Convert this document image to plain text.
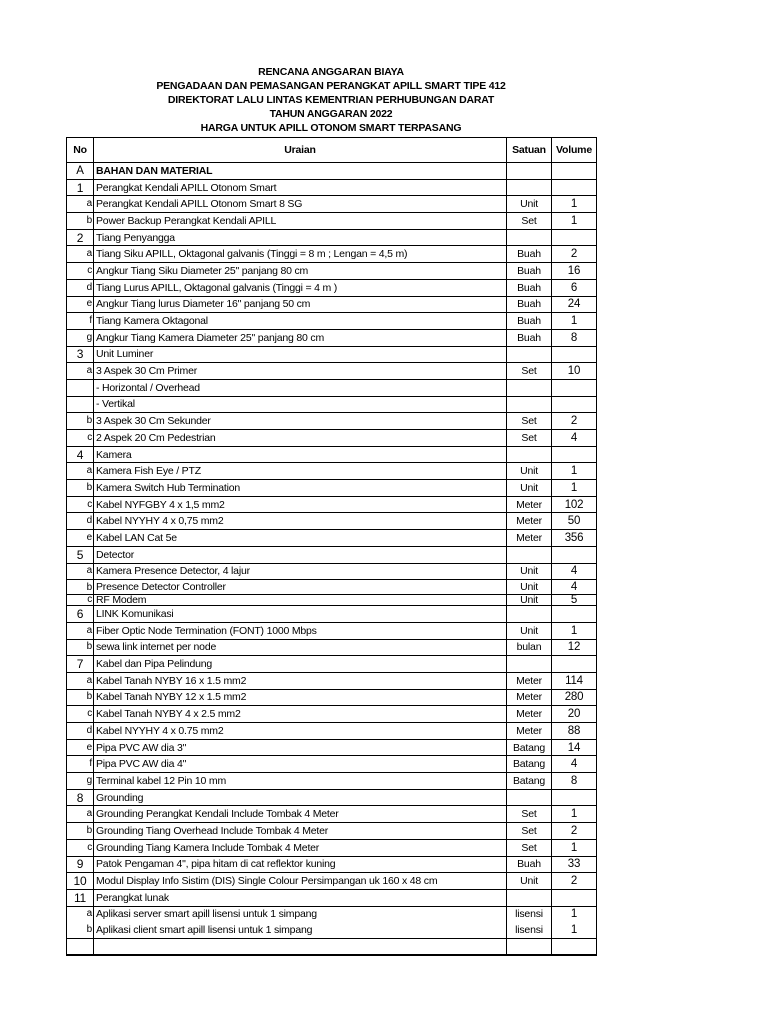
RENCANA ANGGARAN BIAYA
PENGADAAN DAN PEMASANGAN PERANGKAT APILL SMART TIPE 412
DIREKTORAT LALU LINTAS KEMENTRIAN PERHUBUNGAN DARAT
TAHUN ANGGARAN 2022
HARGA UNTUK APILL OTONOM SMART TERPASANG
No	Uraian	Satuan	Volume
A	BAHAN DAN MATERIAL		
1	Perangkat Kendali APILL Otonom Smart		
a	Perangkat Kendali APILL Otonom Smart 8 SG	Unit	1
b	Power Backup Perangkat Kendali APILL	Set	1
2	Tiang Penyangga		
a	Tiang Siku APILL, Oktagonal galvanis (Tinggi = 8 m ; Lengan = 4,5 m)	Buah	2
c	Angkur Tiang Siku Diameter 25" panjang 80 cm	Buah	16
d	Tiang Lurus APILL, Oktagonal galvanis (Tinggi = 4 m )	Buah	6
e	Angkur Tiang lurus Diameter 16" panjang 50 cm	Buah	24
f	Tiang Kamera Oktagonal	Buah	1
g	Angkur Tiang Kamera Diameter 25" panjang 80 cm	Buah	8
3	Unit Luminer		
a	3 Aspek 30 Cm Primer	Set	10
	- Horizontal / Overhead		
	- Vertikal		
b	3 Aspek 30 Cm Sekunder	Set	2
c	2 Aspek 20 Cm Pedestrian	Set	4
4	Kamera		
a	Kamera Fish Eye / PTZ	Unit	1
b	Kamera Switch Hub Termination	Unit	1
c	Kabel NYFGBY 4 x 1,5 mm2	Meter	102
d	Kabel NYYHY 4 x 0,75 mm2	Meter	50
e	Kabel LAN Cat 5e	Meter	356
5	Detector		
a	Kamera Presence Detector, 4 lajur	Unit	4
b	Presence Detector Controller	Unit	4
c	RF Modem	Unit	5
6	LINK Komunikasi		
a	Fiber Optic Node Termination (FONT) 1000 Mbps	Unit	1
b	sewa link internet per node	bulan	12
7	Kabel dan Pipa Pelindung		
a	Kabel Tanah NYBY 16 x 1.5 mm2	Meter	114
b	Kabel Tanah NYBY 12 x 1.5 mm2	Meter	280
c	Kabel Tanah NYBY 4 x 2.5 mm2	Meter	20
d	Kabel NYYHY 4 x 0.75 mm2	Meter	88
e	Pipa PVC AW dia 3"	Batang	14
f	Pipa PVC AW dia 4"	Batang	4
g	Terminal kabel 12 Pin 10 mm	Batang	8
8	Grounding		
a	Grounding Perangkat Kendali Include Tombak 4 Meter	Set	1
b	Grounding Tiang Overhead Include Tombak 4 Meter	Set	2
c	Grounding Tiang Kamera Include Tombak 4 Meter	Set	1
9	Patok Pengaman 4", pipa hitam di cat reflektor kuning	Buah	33
10	Modul Display Info Sistim (DIS) Single Colour Persimpangan uk 160 x 48 cm	Unit	2
11	Perangkat lunak		
a	Aplikasi server smart apill lisensi untuk 1 simpang	lisensi	1
b	Aplikasi client smart apill lisensi untuk 1 simpang	lisensi	1
